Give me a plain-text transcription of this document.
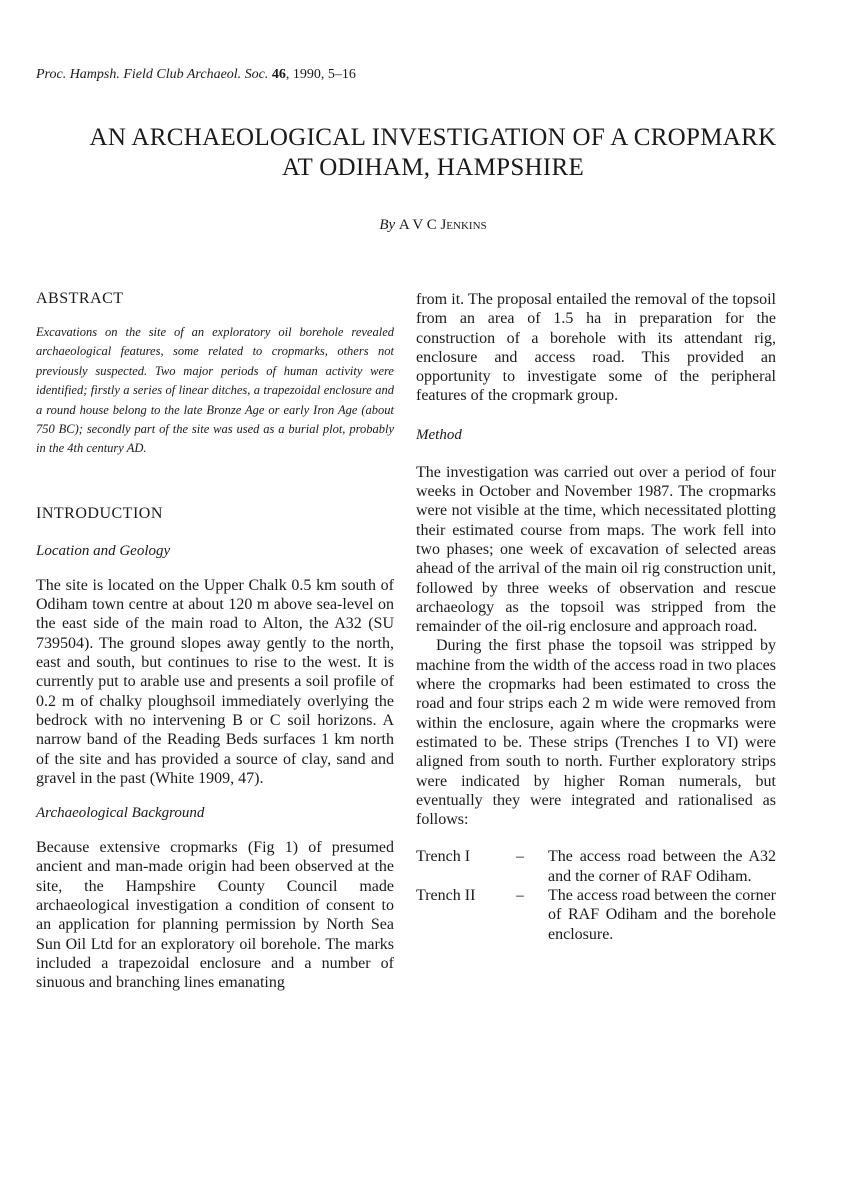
Proc. Hampsh. Field Club Archaeol. Soc. 46, 1990, 5–16
AN ARCHAEOLOGICAL INVESTIGATION OF A CROPMARK
AT ODIHAM, HAMPSHIRE
By A V C Jenkins
ABSTRACT

Excavations on the site of an exploratory oil borehole revealed archaeological features, some related to cropmarks, others not previously suspected. Two major periods of human activity were identified; firstly a series of linear ditches, a trapezoidal enclosure and a round house belong to the late Bronze Age or early Iron Age (about 750 BC); secondly part of the site was used as a burial plot, probably in the 4th century AD.

INTRODUCTION
Location and Geology

The site is located on the Upper Chalk 0.5 km south of Odiham town centre at about 120 m above sea-level on the east side of the main road to Alton, the A32 (SU 739504). The ground slopes away gently to the north, east and south, but continues to rise to the west. It is currently put to arable use and presents a soil profile of 0.2 m of chalky ploughsoil immediately overlying the bedrock with no intervening B or C soil horizons. A narrow band of the Reading Beds surfaces 1 km north of the site and has provided a source of clay, sand and gravel in the past (White 1909, 47).

Archaeological Background

Because extensive cropmarks (Fig 1) of presumed ancient and man-made origin had been observed at the site, the Hampshire County Council made archaeological investigation a condition of consent to an application for planning permission by North Sea Sun Oil Ltd for an exploratory oil borehole. The marks included a trapezoidal enclosure and a number of sinuous and branching lines emanating

from it. The proposal entailed the removal of the topsoil from an area of 1.5 ha in preparation for the construction of a borehole with its attendant rig, enclosure and access road. This provided an opportunity to investigate some of the peripheral features of the cropmark group.

Method

The investigation was carried out over a period of four weeks in October and November 1987. The cropmarks were not visible at the time, which necessitated plotting their estimated course from maps. The work fell into two phases; one week of excavation of selected areas ahead of the arrival of the main oil rig construction unit, followed by three weeks of observation and rescue archaeology as the topsoil was stripped from the remainder of the oil-rig enclosure and approach road.

During the first phase the topsoil was stripped by machine from the width of the access road in two places where the cropmarks had been estimated to cross the road and four strips each 2 m wide were removed from within the enclosure, again where the cropmarks were estimated to be. These strips (Trenches I to VI) were aligned from south to north. Further exploratory strips were indicated by higher Roman numerals, but eventually they were integrated and rationalised as follows:

Trench I	–	The access road between the A32 and the corner of RAF Odiham.
Trench II	–	The access road between the corner of RAF Odiham and the borehole enclosure.
